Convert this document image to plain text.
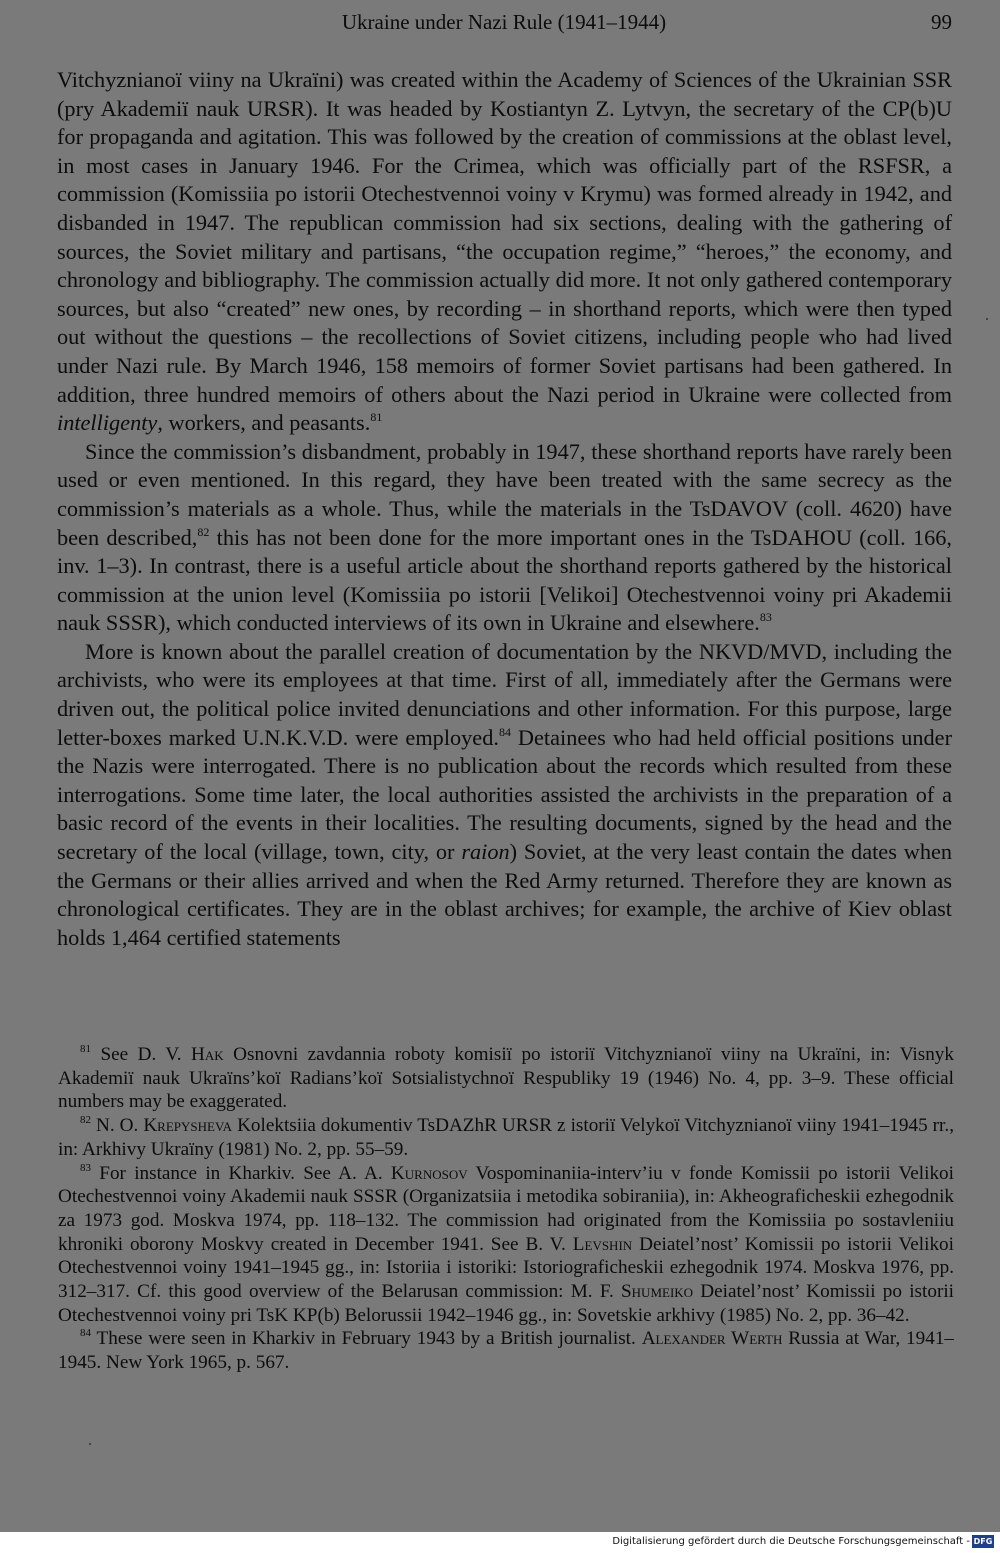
Ukraine under Nazi Rule (1941–1944)	99

Vitchyznianoï viiny na Ukraïni) was created within the Academy of Sciences of the Ukrainian SSR (pry Akademiï nauk URSR). It was headed by Kostiantyn Z. Lytvyn, the secretary of the CP(b)U for propaganda and agitation. This was followed by the creation of commissions at the oblast level, in most cases in January 1946. For the Crimea, which was officially part of the RSFSR, a commission (Komissiia po istorii Otechestvennoi voiny v Krymu) was formed already in 1942, and disbanded in 1947. The republican commission had six sections, dealing with the gathering of sources, the Soviet military and partisans, “the occupation regime,” “heroes,” the economy, and chronology and bibliography. The commission actually did more. It not only gathered contemporary sources, but also “created” new ones, by recording – in shorthand reports, which were then typed out without the questions – the recollections of Soviet citizens, including people who had lived under Nazi rule. By March 1946, 158 memoirs of former Soviet partisans had been gathered. In addition, three hundred memoirs of others about the Nazi period in Ukraine were collected from intelligenty, workers, and peasants.$^{81}$

Since the commission’s disbandment, probably in 1947, these shorthand reports have rarely been used or even mentioned. In this regard, they have been treated with the same secrecy as the commission’s materials as a whole. Thus, while the materials in the TsDAVOV (coll. 4620) have been described,$^{82}$ this has not been done for the more important ones in the TsDAHOU (coll. 166, inv. 1–3). In contrast, there is a useful article about the shorthand reports gathered by the historical commission at the union level (Komissiia po istorii [Velikoi] Otechestvennoi voiny pri Akademii nauk SSSR), which conducted interviews of its own in Ukraine and elsewhere.$^{83}$

More is known about the parallel creation of documentation by the NKVD/MVD, including the archivists, who were its employees at that time. First of all, immediately after the Germans were driven out, the political police invited denunciations and other information. For this purpose, large letter-boxes marked U.N.K.V.D. were employed.$^{84}$ Detainees who had held official positions under the Nazis were interrogated. There is no publication about the records which resulted from these interrogations. Some time later, the local authorities assisted the archivists in the preparation of a basic record of the events in their localities. The resulting documents, signed by the head and the secretary of the local (village, town, city, or raion) Soviet, at the very least contain the dates when the Germans or their allies arrived and when the Red Army returned. Therefore they are known as chronological certificates. They are in the oblast archives; for example, the archive of Kiev oblast holds 1,464 certified statements

$^{81}$ See D. V. Hak Osnovni zavdannia roboty komisiï po istoriï Vitchyznianoï viiny na Ukraïni, in: Visnyk Akademiï nauk Ukraïns’koï Radians’koï Sotsialistychnoï Respubliky 19 (1946) No. 4, pp. 3–9. These official numbers may be exaggerated.

$^{82}$ N. O. Krepysheva Kolektsiia dokumentiv TsDAZhR URSR z istoriï Velykoï Vitchyznianoï viiny 1941–1945 rr., in: Arkhivy Ukraïny (1981) No. 2, pp. 55–59.

$^{83}$ For instance in Kharkiv. See A. A. Kurnosov Vospominaniia-interv’iu v fonde Komissii po istorii Velikoi Otechestvennoi voiny Akademii nauk SSSR (Organizatsiia i metodika sobiraniia), in: Akheograficheskii ezhegodnik za 1973 god. Moskva 1974, pp. 118–132. The commission had originated from the Komissiia po sostavleniiu khroniki oborony Moskvy created in December 1941. See B. V. Levshin Deiatel’nost’ Komissii po istorii Velikoi Otechestvennoi voiny 1941–1945 gg., in: Istoriia i istoriki: Istoriograficheskii ezhegodnik 1974. Moskva 1976, pp. 312–317. Cf. this good overview of the Belarusan commission: M. F. Shumeiko Deiatel’nost’ Komissii po istorii Otechestvennoi voiny pri TsK KP(b) Belorussii 1942–1946 gg., in: Sovetskie arkhivy (1985) No. 2, pp. 36–42.

$^{84}$ These were seen in Kharkiv in February 1943 by a British journalist. Alexander Werth Russia at War, 1941–1945. New York 1965, p. 567.

Digitalisierung gefördert durch die Deutsche Forschungsgemeinschaft - DFG
